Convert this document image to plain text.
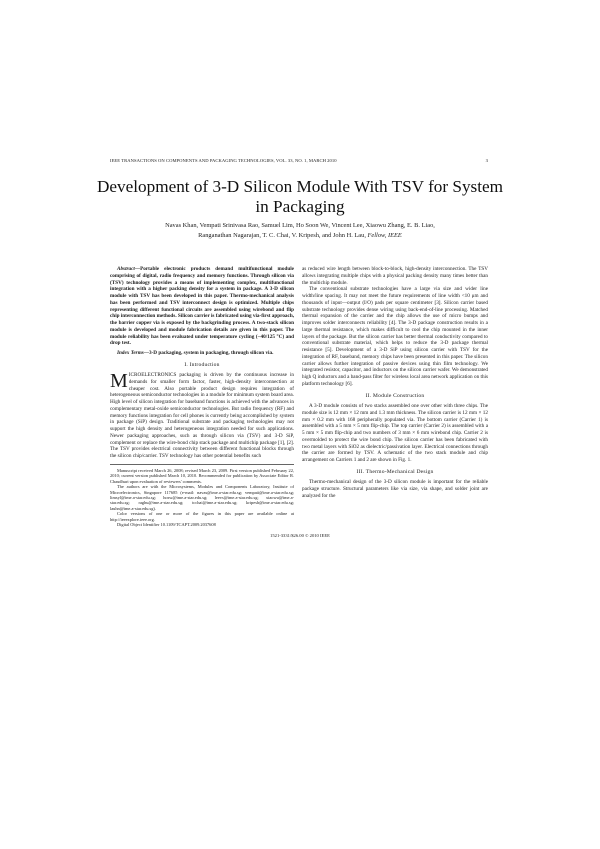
IEEE TRANSACTIONS ON COMPONENTS AND PACKAGING TECHNOLOGIES, VOL. 33, NO. 1, MARCH 2010	3
Development of 3-D Silicon Module With TSV for System in Packaging
Navas Khan, Vempati Srinivasa Rao, Samuel Lim, Ho Soon We, Vincent Lee, Xiaowu Zhang, E. B. Liao,
Ranganathan Nagarajan, T. C. Chai, V. Kripesh, and John H. Lau, Fellow, IEEE

Abstract—Portable electronic products demand multifunctional module comprising of digital, radio frequency and memory functions. Through silicon via (TSV) technology provides a means of implementing complex, multifunctional integration with a higher packing density for a system in package. A 3-D silicon module with TSV has been developed in this paper. Thermo-mechanical analysis has been performed and TSV interconnect design is optimized. Multiple chips representing different functional circuits are assembled using wirebond and flip chip interconnection methods. Silicon carrier is fabricated using via-first approach, the barrier copper via is exposed by the backgrinding process. A two-stack silicon module is developed and module fabrication details are given in this paper. The module reliability has been evaluated under temperature cycling (−40/125 °C) and drop test.

Index Terms—3-D packaging, system in packaging, through silicon via.

I. Introduction

MICROELECTRONICS packaging is driven by the continuous increase in demands for smaller form factor, faster, high-density interconnection at cheaper cost. Also portable product design requires integration of heterogeneous semiconductor technologies in a module for minimum system board area. High level of silicon integration for baseband functions is achieved with the advances in complementary metal-oxide semiconductor technologies. But radio frequency (RF) and memory functions integration for cell phones is currently being accomplished by system in package (SiP) design. Traditional substrate and packaging technologies may not support the high density and heterogeneous integration needed for such applications. Newer packaging approaches, such as through silicon via (TSV) and 3-D SiP, complement or replace the wire-bond chip stack package and multichip package [1], [2]. The TSV provides electrical connectivity between different functional blocks through the silicon chip/carrier. TSV technology has other potential benefits such

Manuscript received March 26, 2008; revised March 23, 2009. First version published February 22, 2010; current version published March 10, 2010. Recommended for publication by Associate Editor R. Chaudhuri upon evaluation of reviewers' comments.

The authors are with the Microsystems, Modules and Components Laboratory, Institute of Microelectronics, Singapore 117685 (e-mail: navas@ime.a-star.edu.sg; vempati@ime.a-star.edu.sg; limsyl@ime.a-star.edu.sg; hosw@ime.a-star.edu.sg; leevs@ime.a-star.edu.sg; xiaowu@ime.a-star.edu.sg; raghu@ime.a-star.edu.sg; tcchai@ime.a-star.edu.sg; kripesh@ime.a-star.edu.sg; lauhn@ime.a-star.edu.sg).

Color versions of one or more of the figures in this paper are available online at http://ieeexplore.ieee.org.

Digital Object Identifier 10.1109/TCAPT.2009.2037608

as reduced wire length between block-to-block, high-density interconnection. The TSV allows integrating multiple chips with a physical packing density many times better than the multichip module.

The conventional substrate technologies have a large via size and wider line width/line spacing. It may not meet the future requirements of line width <10 μm and thousands of input—output (I/O) pads per square centimeter [3]. Silicon carrier based substrate technology provides dense wiring using back-end-of-line processing. Matched thermal expansion of the carrier and the chip allows the use of micro bumps and improves solder interconnects reliability [4]. The 3-D package construction results in a large thermal resistance, which makes difficult to cool the chip mounted in the inner layers of the package. But the silicon carrier has better thermal conductivity compared to conventional substrate material, which helps to reduce the 3-D package thermal resistance [5]. Development of a 3-D SiP using silicon carrier with TSV for the integration of RF, baseband, memory chips have been presented in this paper. The silicon carrier allows further integration of passive devices using thin film technology. We integrated resistor, capacitor, and inductors on the silicon carrier wafer. We demonstrated high Q inductors and a band-pass filter for wireless local area network application on this platform technology [6].

II. Module Construction

A 3-D module consists of two stacks assembled one over other with three chips. The module size is 12 mm × 12 mm and 1.3 mm thickness. The silicon carrier is 12 mm × 12 mm × 0.2 mm with 168 peripherally populated via. The bottom carrier (Carrier 1) is assembled with a 5 mm × 5 mm flip-chip. The top carrier (Carrier 2) is assembled with a 5 mm × 5 mm flip-chip and two numbers of 3 mm × 6 mm wirebond chip. Carrier 2 is overmolded to protect the wire bond chip. The silicon carrier has been fabricated with two metal layers with SiO2 as dielectric/passivation layer. Electrical connections through the carrier are formed by TSV. A schematic of the two stack module and chip arrangement on Carriers 1 and 2 are shown in Fig. 1.

III. Thermo-Mechanical Design

Thermo-mechanical design of the 3-D silicon module is important for the reliable package structure. Structural parameters like via size, via shape, and solder joint are analyzed for the

1521-3331/$26.00 © 2010 IEEE
